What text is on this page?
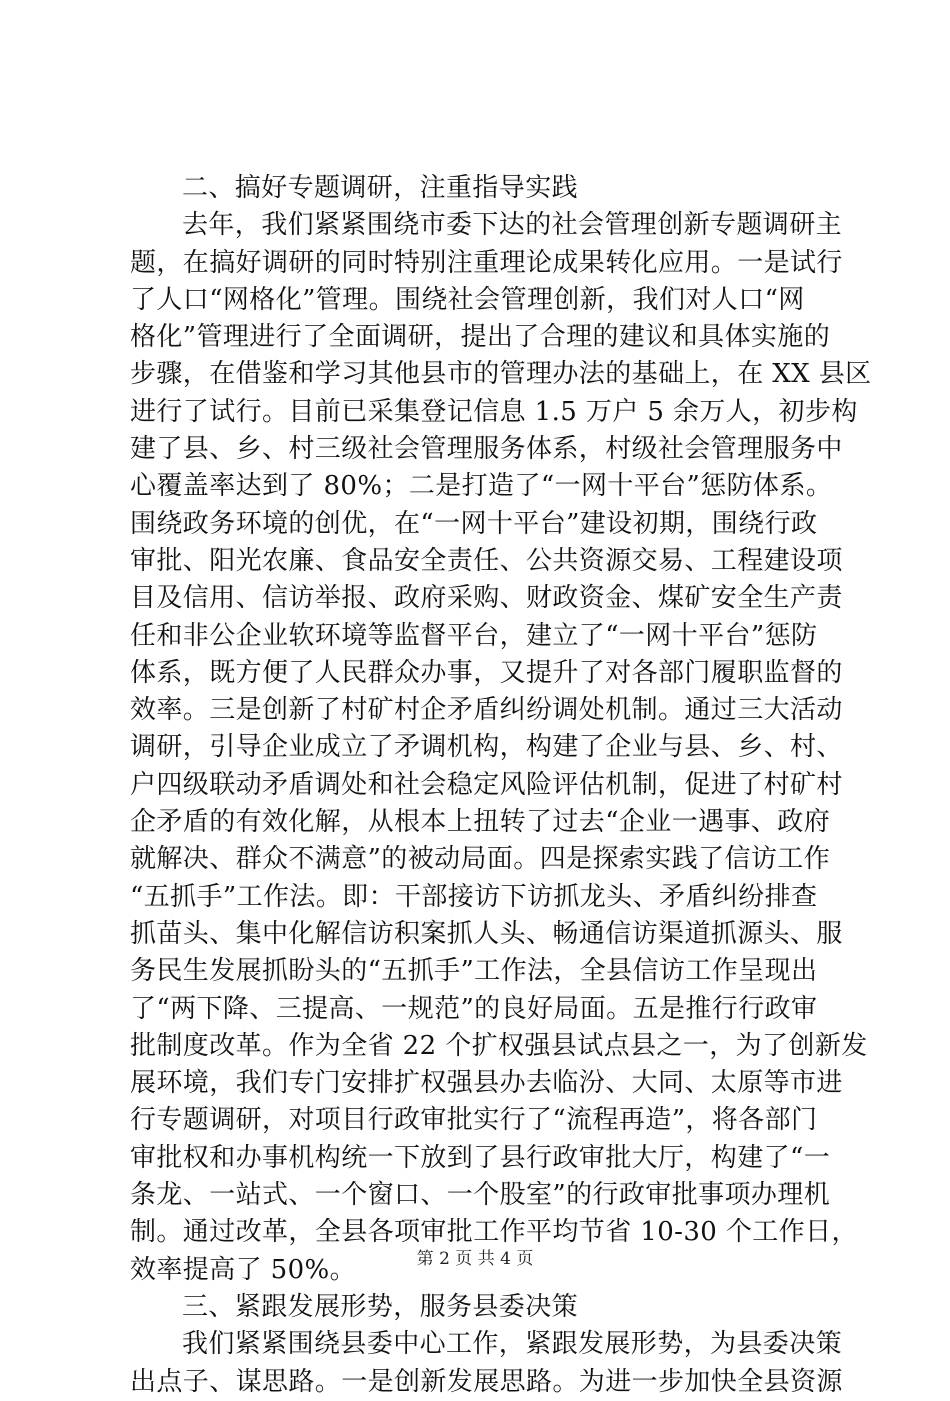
二、搞好专题调研，注重指导实践
去年，我们紧紧围绕市委下达的社会管理创新专题调研主
题，在搞好调研的同时特别注重理论成果转化应用。一是试行
了人口“网格化”管理。围绕社会管理创新，我们对人口“网
格化”管理进行了全面调研，提出了合理的建议和具体实施的
步骤，在借鉴和学习其他县市的管理办法的基础上，在 XX 县区
进行了试行。目前已采集登记信息 1.5 万户 5 余万人，初步构
建了县、乡、村三级社会管理服务体系，村级社会管理服务中
心覆盖率达到了 80%；二是打造了“一网十平台”惩防体系。
围绕政务环境的创优，在“一网十平台”建设初期，围绕行政
审批、阳光农廉、食品安全责任、公共资源交易、工程建设项
目及信用、信访举报、政府采购、财政资金、煤矿安全生产责
任和非公企业软环境等监督平台，建立了“一网十平台”惩防
体系，既方便了人民群众办事，又提升了对各部门履职监督的
效率。三是创新了村矿村企矛盾纠纷调处机制。通过三大活动
调研，引导企业成立了矛调机构，构建了企业与县、乡、村、
户四级联动矛盾调处和社会稳定风险评估机制，促进了村矿村
企矛盾的有效化解，从根本上扭转了过去“企业一遇事、政府
就解决、群众不满意”的被动局面。四是探索实践了信访工作
“五抓手”工作法。即：干部接访下访抓龙头、矛盾纠纷排查
抓苗头、集中化解信访积案抓人头、畅通信访渠道抓源头、服
务民生发展抓盼头的“五抓手”工作法，全县信访工作呈现出
了“两下降、三提高、一规范”的良好局面。五是推行行政审
批制度改革。作为全省 22 个扩权强县试点县之一，为了创新发
展环境，我们专门安排扩权强县办去临汾、大同、太原等市进
行专题调研，对项目行政审批实行了“流程再造”，将各部门
审批权和办事机构统一下放到了县行政审批大厅，构建了“一
条龙、一站式、一个窗口、一个股室”的行政审批事项办理机
制。通过改革，全县各项审批工作平均节省 10-30 个工作日，
效率提高了 50%。
三、紧跟发展形势，服务县委决策
我们紧紧围绕县委中心工作，紧跟发展形势，为县委决策
出点子、谋思路。一是创新发展思路。为进一步加快全县资源
第 2 页 共 4 页
